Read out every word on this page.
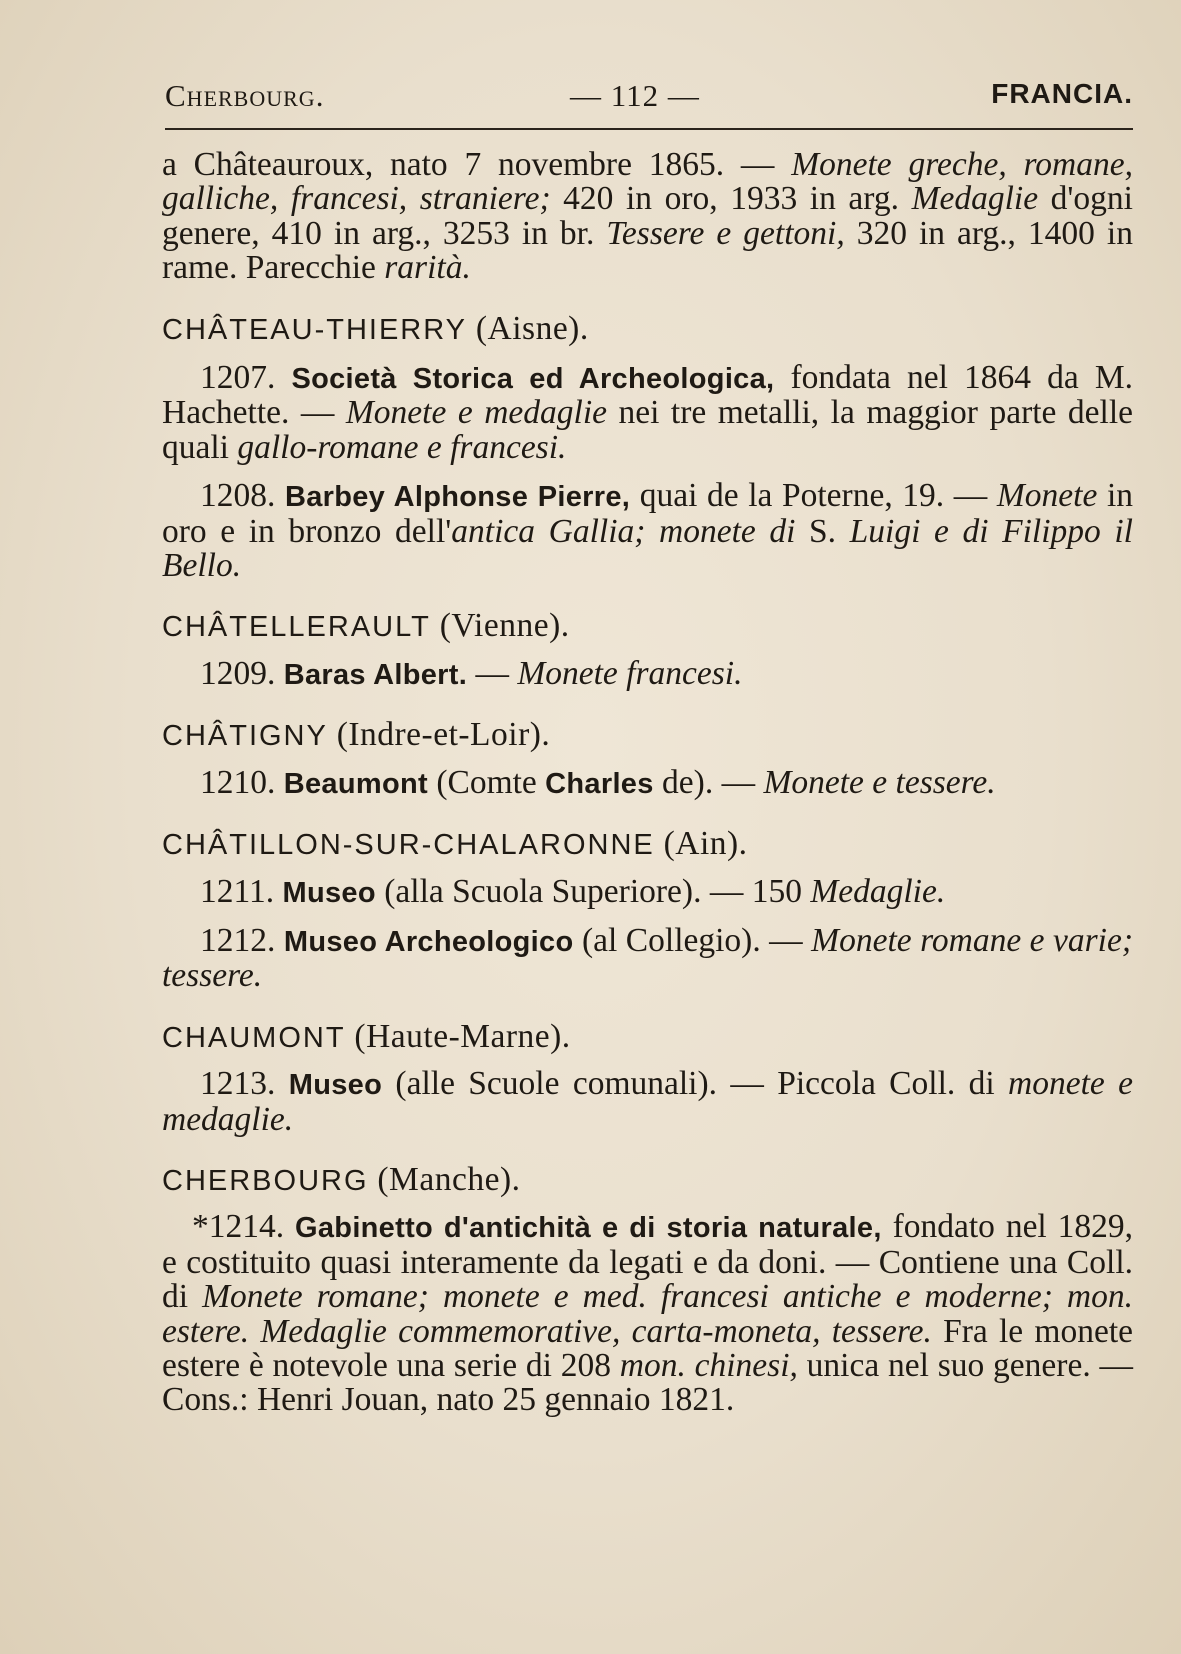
Cherbourg.	— 112 —	FRANCIA.

a Châteauroux, nato 7 novembre 1865. — Monete greche, romane, galliche, francesi, straniere; 420 in oro, 1933 in arg. Medaglie d'ogni genere, 410 in arg., 3253 in br. Tessere e gettoni, 320 in arg., 1400 in rame. Parecchie rarità.

CHÂTEAU-THIERRY (Aisne).

1207. Società Storica ed Archeologica, fondata nel 1864 da M. Hachette. — Monete e medaglie nei tre metalli, la maggior parte delle quali gallo-romane e francesi.

1208. Barbey Alphonse Pierre, quai de la Poterne, 19. — Monete in oro e in bronzo dell'antica Gallia; monete di S. Luigi e di Filippo il Bello.

CHÂTELLERAULT (Vienne).

1209. Baras Albert. — Monete francesi.

CHÂTIGNY (Indre-et-Loir).

1210. Beaumont (Comte Charles de). — Monete e tessere.

CHÂTILLON-SUR-CHALARONNE (Ain).

1211. Museo (alla Scuola Superiore). — 150 Medaglie.

1212. Museo Archeologico (al Collegio). — Monete romane e varie; tessere.

CHAUMONT (Haute-Marne).

1213. Museo (alle Scuole comunali). — Piccola Coll. di monete e medaglie.

CHERBOURG (Manche).

*1214. Gabinetto d'antichità e di storia naturale, fondato nel 1829, e costituito quasi interamente da legati e da doni. — Contiene una Coll. di Monete romane; monete e med. francesi antiche e moderne; mon. estere. Medaglie commemorative, carta-moneta, tessere. Fra le monete estere è notevole una serie di 208 mon. chinesi, unica nel suo genere. — Cons.: Henri Jouan, nato 25 gennaio 1821.
